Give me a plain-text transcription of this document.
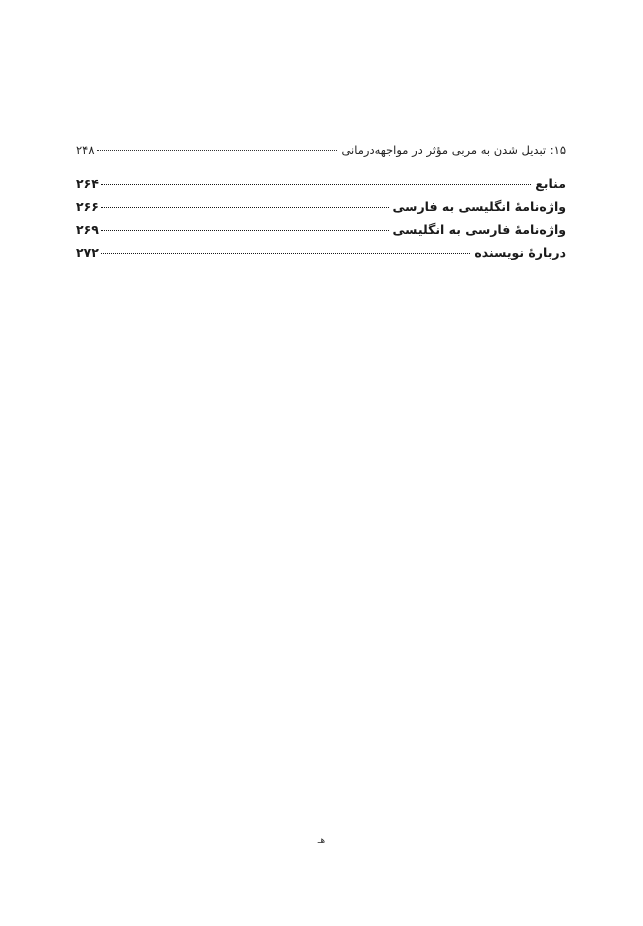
۱۵: تبدیل شدن به مربی مؤثر در مواجهه‌درمانی
۲۴۸
منابع
۲۶۴
واژه‌نامهٔ انگلیسی به فارسی
۲۶۶
واژه‌نامهٔ فارسی به انگلیسی
۲۶۹
دربارهٔ نویسنده
۲۷۲
هـ
